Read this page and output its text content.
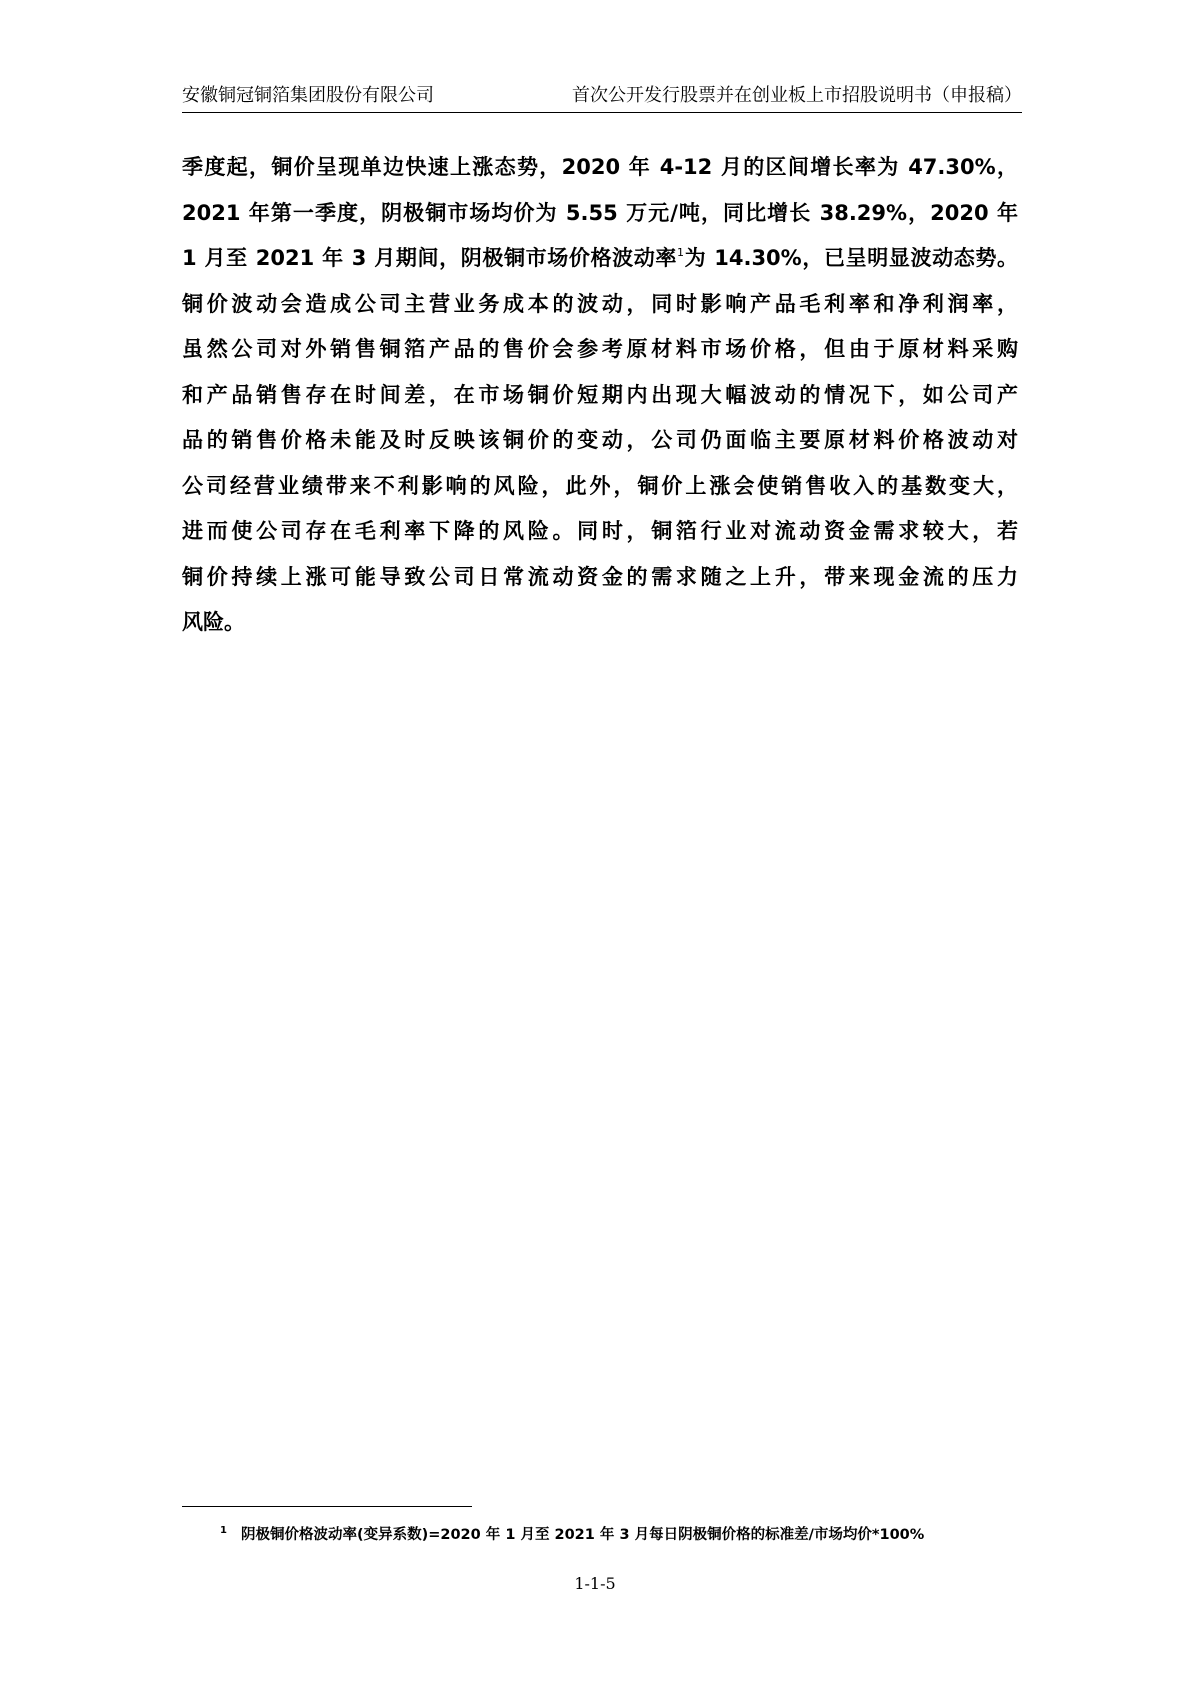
安徽铜冠铜箔集团股份有限公司	首次公开发行股票并在创业板上市招股说明书（申报稿）
季度起，铜价呈现单边快速上涨态势，2020 年 4-12 月的区间增长率为 47.30%，
2021 年第一季度，阴极铜市场均价为 5.55 万元/吨，同比增长 38.29%，2020 年
1 月至 2021 年 3 月期间，阴极铜市场价格波动率$^1$为 14.30%，已呈明显波动态势。
铜价波动会造成公司主营业务成本的波动，同时影响产品毛利率和净利润率，
虽然公司对外销售铜箔产品的售价会参考原材料市场价格，但由于原材料采购
和产品销售存在时间差，在市场铜价短期内出现大幅波动的情况下，如公司产
品的销售价格未能及时反映该铜价的变动，公司仍面临主要原材料价格波动对
公司经营业绩带来不利影响的风险，此外，铜价上涨会使销售收入的基数变大，
进而使公司存在毛利率下降的风险。同时，铜箔行业对流动资金需求较大，若
铜价持续上涨可能导致公司日常流动资金的需求随之上升，带来现金流的压力
风险。
1 阴极铜价格波动率(变异系数)=2020 年 1 月至 2021 年 3 月每日阴极铜价格的标准差/市场均价*100%
1-1-5
